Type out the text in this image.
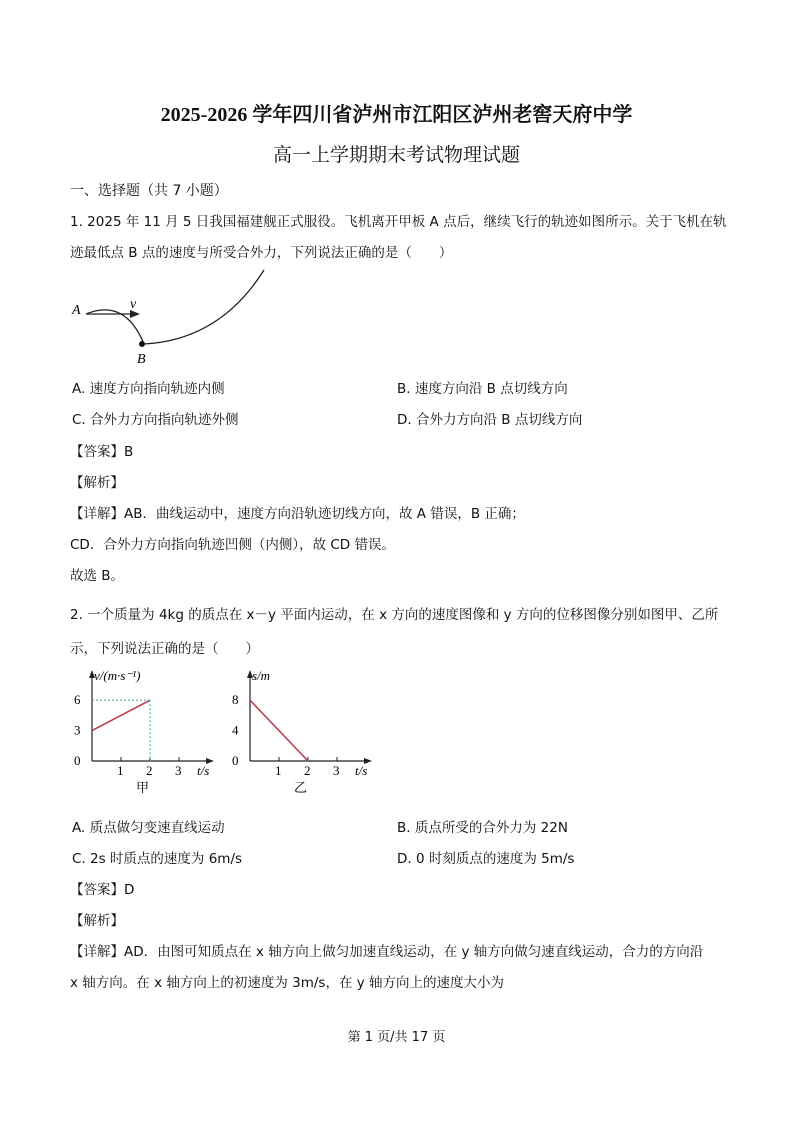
2025-2026 学年四川省泸州市江阳区泸州老窖天府中学
高一上学期期末考试物理试题
一、选择题（共 7 小题）
1. 2025 年 11 月 5 日我国福建舰正式服役。飞机离开甲板 A 点后，继续飞行的轨迹如图所示。关于飞机在轨
迹最低点 B 点的速度与所受合外力，下列说法正确的是（　　）
A	v
B
A. 速度方向指向轨迹内侧	B. 速度方向沿 B 点切线方向
C. 合外力方向指向轨迹外侧	D. 合外力方向沿 B 点切线方向
【答案】B
【解析】
【详解】AB．曲线运动中，速度方向沿轨迹切线方向，故 A 错误，B 正确；
CD．合外力方向指向轨迹凹侧（内侧），故 CD 错误。
故选 B。
2. 一个质量为 4kg 的质点在 x－y 平面内运动，在 x 方向的速度图像和 y 方向的位移图像分别如图甲、乙所
示，下列说法正确的是（　　）
1 2 3
6
3
0
v/(m·s⁻¹)
t/s
甲
1 2 3
8
4
0
s/m
t/s
乙
A. 质点做匀变速直线运动	B. 质点所受的合外力为 22N
C. 2s 时质点的速度为 6m/s	D. 0 时刻质点的速度为 5m/s
【答案】D
【解析】
【详解】AD．由图可知质点在 x 轴方向上做匀加速直线运动，在 y 轴方向做匀速直线运动，合力的方向沿
x 轴方向。在 x 轴方向上的初速度为 3m/s，在 y 轴方向上的速度大小为
第 1 页/共 17 页
